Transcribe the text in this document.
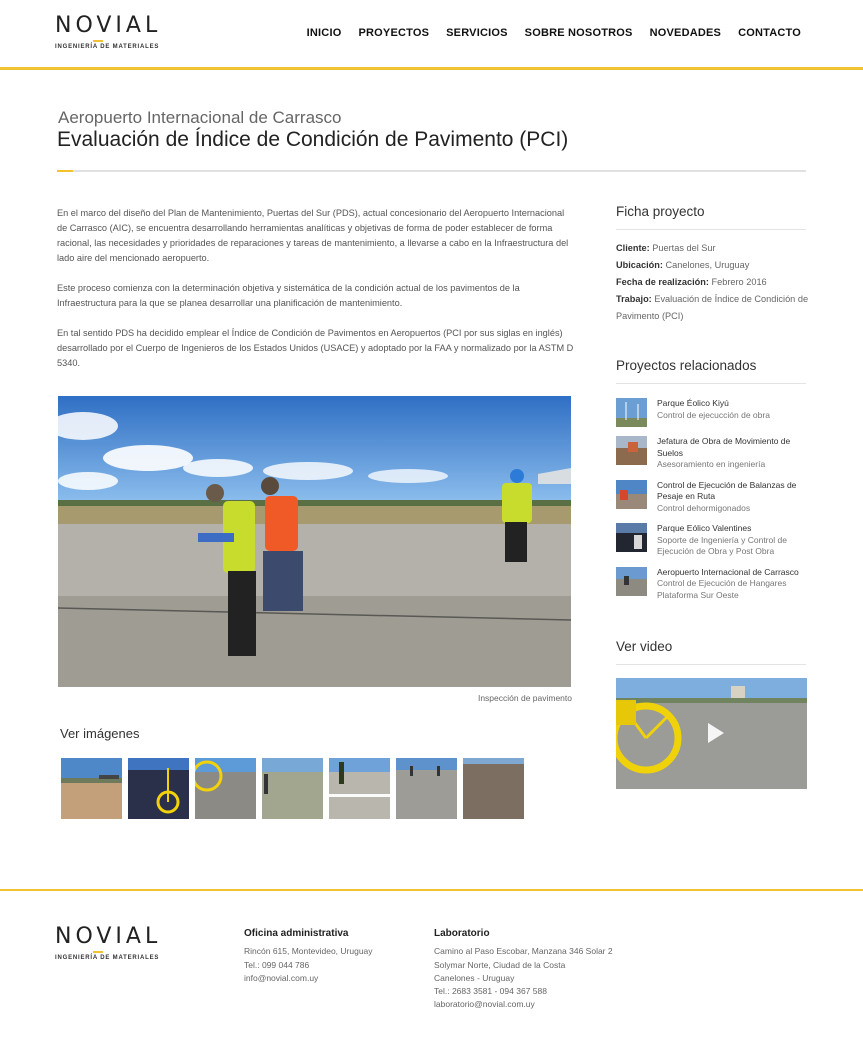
NOVIAL
INGENIERÍA DE MATERIALES
INICIO PROYECTOS SERVICIOS SOBRE NOSOTROS NOVEDADES CONTACTO
Aeropuerto Internacional de Carrasco
Evaluación de Índice de Condición de Pavimento (PCI)

En el marco del diseño del Plan de Mantenimiento, Puertas del Sur (PDS), actual concesionario del Aeropuerto Internacional de Carrasco (AIC), se encuentra desarrollando herramientas analíticas y objetivas de forma de poder establecer de forma racional, las necesidades y prioridades de reparaciones y tareas de mantenimiento, a llevarse a cabo en la Infraestructura del lado aire del mencionado aeropuerto.

Este proceso comienza con la determinación objetiva y sistemática de la condición actual de los pavimentos de la Infraestructura para la que se planea desarrollar una planificación de mantenimiento.

En tal sentido PDS ha decidido emplear el Índice de Condición de Pavimentos en Aeropuertos (PCI por sus siglas en inglés) desarrollado por el Cuerpo de Ingenieros de los Estados Unidos (USACE) y adoptado por la FAA y normalizado por la ASTM D 5340.

Inspección de pavimento
Ver imágenes
Ficha proyecto
Cliente: Puertas del Sur
Ubicación: Canelones, Uruguay
Fecha de realización: Febrero 2016
Trabajo: Evaluación de Índice de Condición de Pavimento (PCI)
Proyectos relacionados
Parque Éolico Kiyú
Control de ejecucción de obra
Jefatura de Obra de Movimiento de Suelos
Asesoramiento en ingeniería
Control de Ejecución de Balanzas de Pesaje en Ruta
Control dehormigonados
Parque Eólico Valentines
Soporte de Ingeniería y Control de Ejecución de Obra y Post Obra
Aeropuerto Internacional de Carrasco
Control de Ejecución de Hangares Plataforma Sur Oeste
Ver video
NOVIAL
INGENIERÍA DE MATERIALES
Oficina administrativa
Rincón 615, Montevideo, Uruguay
Tel.: 099 044 786
info@novial.com.uy
Laboratorio
Camino al Paso Escobar, Manzana 346 Solar 2
Solymar Norte, Ciudad de la Costa
Canelones - Uruguay
Tel.: 2683 3581 - 094 367 588
laboratorio@novial.com.uy
